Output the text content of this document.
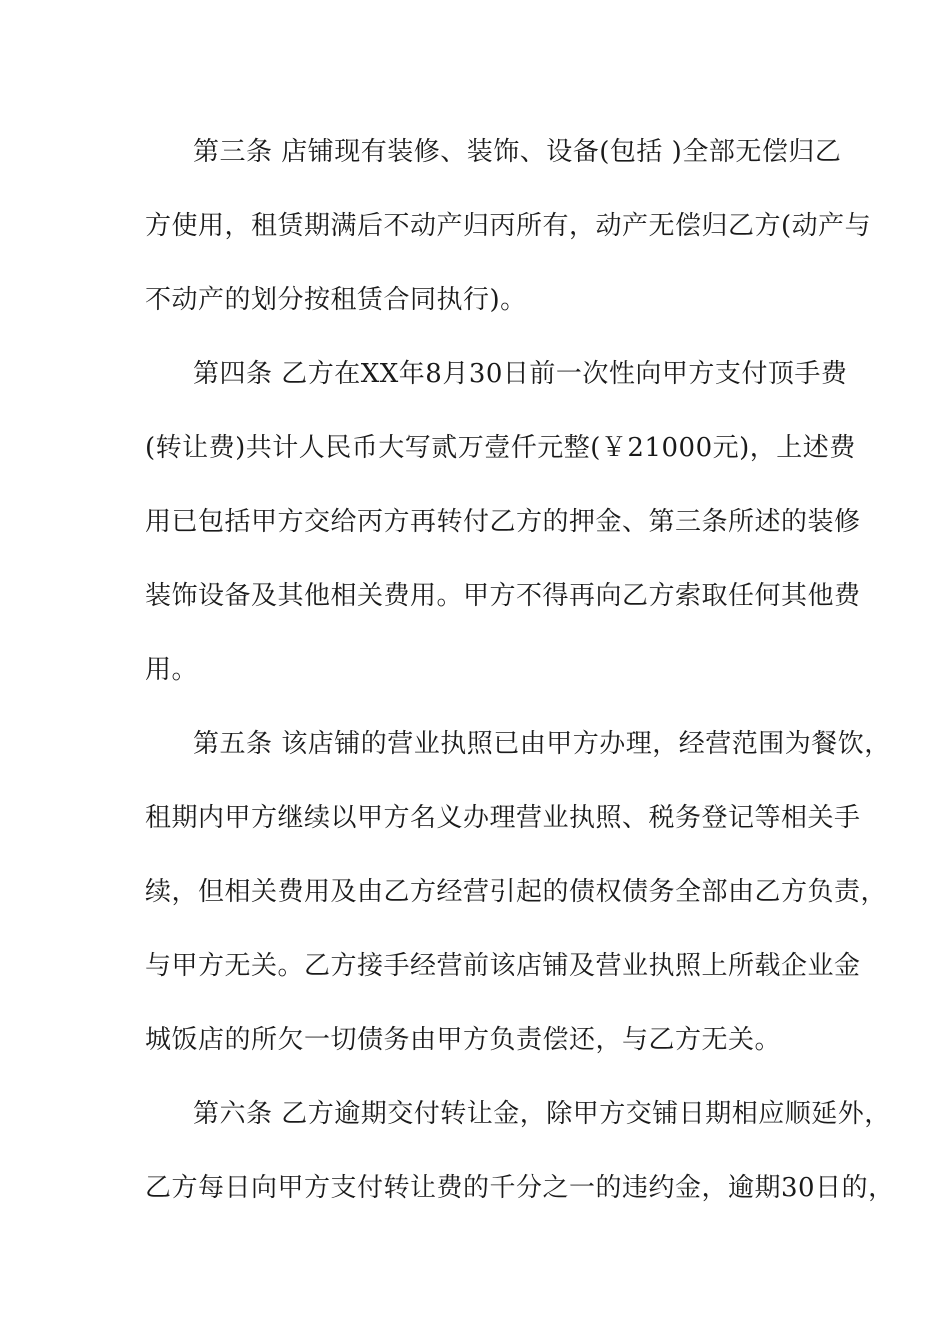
第三条 店铺现有装修、装饰、设备(包括 )全部无偿归乙
方使用，租赁期满后不动产归丙所有，动产无偿归乙方(动产与
不动产的划分按租赁合同执行)。
第四条 乙方在XX年8月30日前一次性向甲方支付顶手费
(转让费)共计人民币大写贰万壹仟元整(￥21000元)，上述费
用已包括甲方交给丙方再转付乙方的押金、第三条所述的装修
装饰设备及其他相关费用。甲方不得再向乙方索取任何其他费
用。
第五条 该店铺的营业执照已由甲方办理，经营范围为餐饮，
租期内甲方继续以甲方名义办理营业执照、税务登记等相关手
续，但相关费用及由乙方经营引起的债权债务全部由乙方负责，
与甲方无关。乙方接手经营前该店铺及营业执照上所载企业金
城饭店的所欠一切债务由甲方负责偿还，与乙方无关。
第六条 乙方逾期交付转让金，除甲方交铺日期相应顺延外，
乙方每日向甲方支付转让费的千分之一的违约金，逾期30日的，
